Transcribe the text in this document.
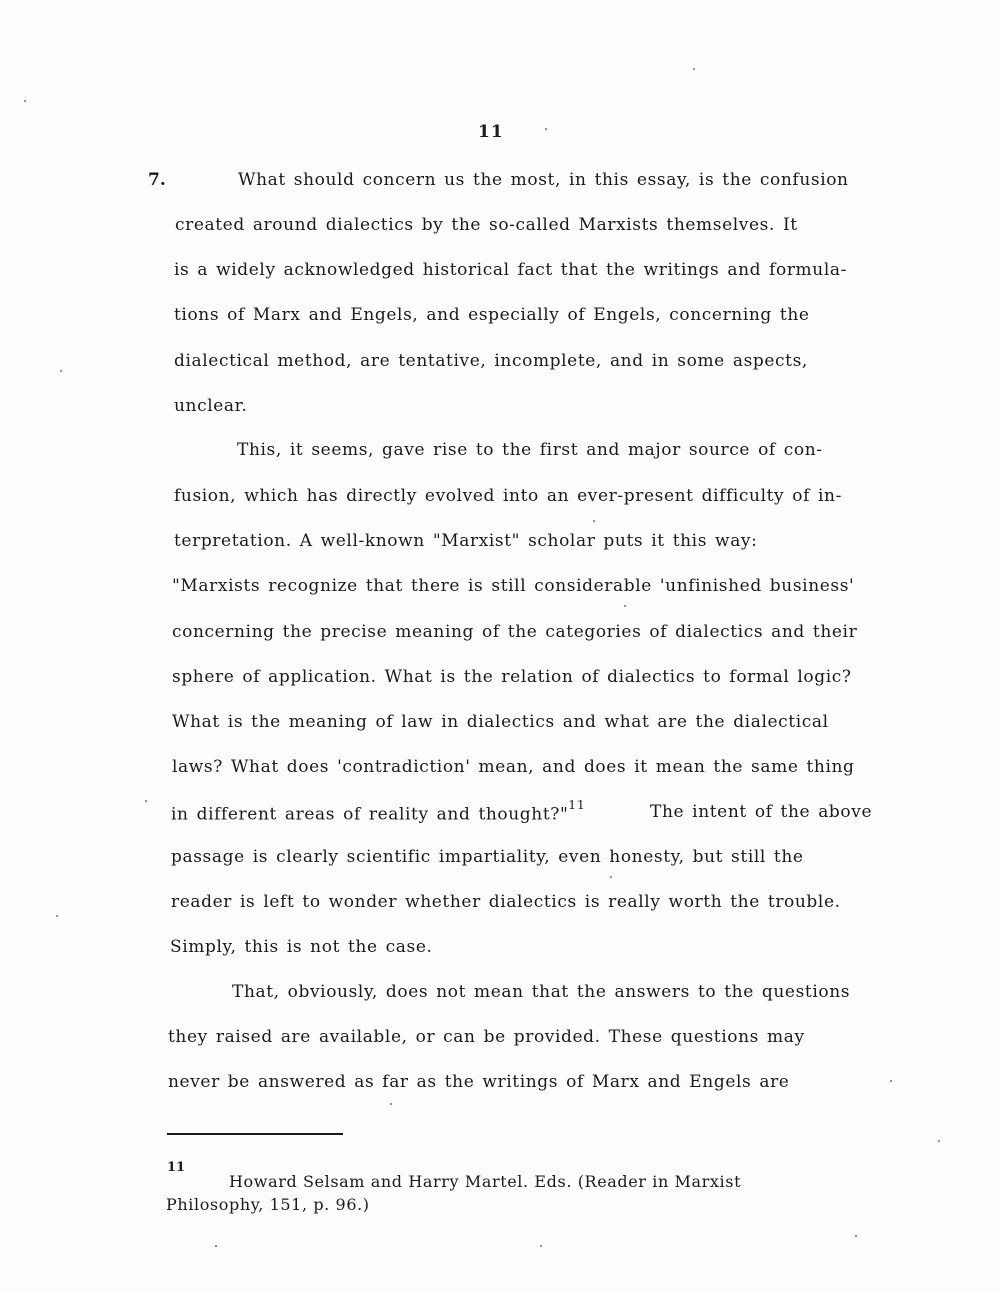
11
7.	What should concern us the most, in this essay, is the confusion
created around dialectics by the so-called Marxists themselves. It
is a widely acknowledged historical fact that the writings and formula-
tions of Marx and Engels, and especially of Engels, concerning the
dialectical method, are tentative, incomplete, and in some aspects,
unclear.
This, it seems, gave rise to the first and major source of con-
fusion, which has directly evolved into an ever-present difficulty of in-
terpretation. A well-known "Marxist" scholar puts it this way:
"Marxists recognize that there is still considerable 'unfinished business'
concerning the precise meaning of the categories of dialectics and their
sphere of application. What is the relation of dialectics to formal logic?
What is the meaning of law in dialectics and what are the dialectical
laws? What does 'contradiction' mean, and does it mean the same thing
in different areas of reality and thought?"$^{11}$	The intent of the above
passage is clearly scientific impartiality, even honesty, but still the
reader is left to wonder whether dialectics is really worth the trouble.
Simply, this is not the case.
That, obviously, does not mean that the answers to the questions
they raised are available, or can be provided. These questions may
never be answered as far as the writings of Marx and Engels are
11
Howard Selsam and Harry Martel. Eds. (Reader in Marxist
Philosophy, 151, p. 96.)
